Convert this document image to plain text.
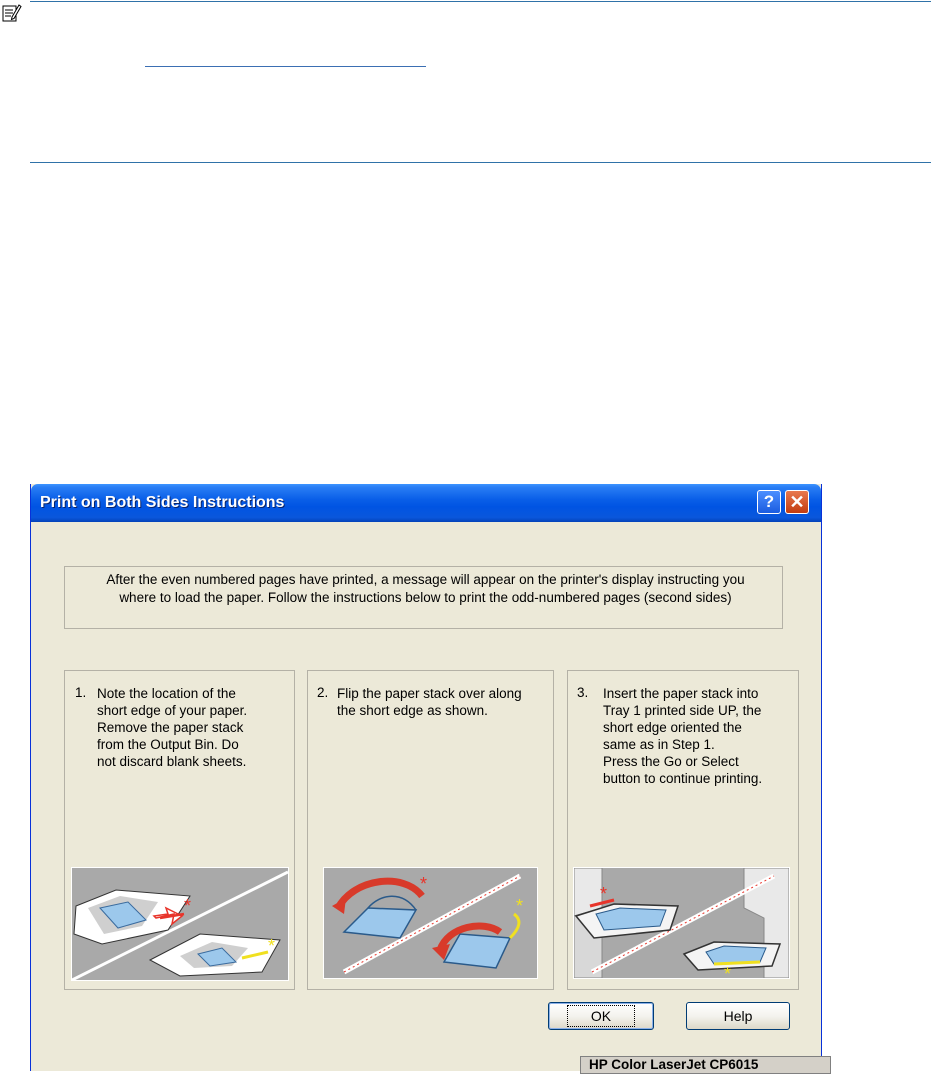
Print on Both Sides Instructions	? ✕
After the even numbered pages have printed, a message will appear on the printer's display instructing you
where to load the paper. Follow the instructions below to print the odd-numbered pages (second sides)
1. Note the location of the
short edge of your paper.
Remove the paper stack
from the Output Bin. Do
not discard blank sheets.
*
*
2. Flip the paper stack over along
the short edge as shown.
*
*
3. Insert the paper stack into
Tray 1 printed side UP, the
short edge oriented the
same as in Step 1.
Press the Go or Select
button to continue printing.
*
*
OK	Help
HP Color LaserJet CP6015
